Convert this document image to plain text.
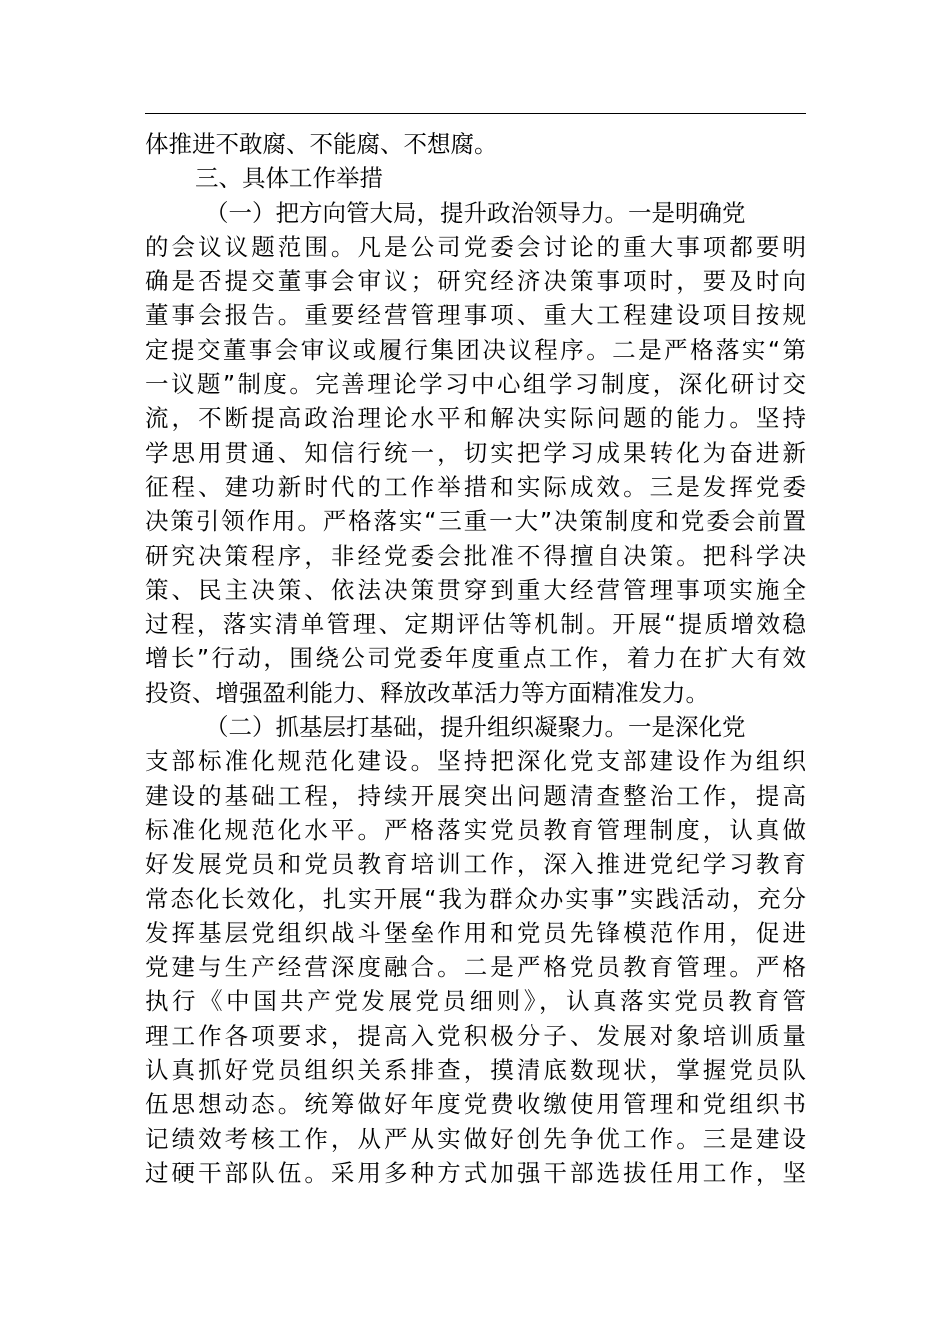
体推进不敢腐、不能腐、不想腐。
三、具体工作举措
（一）把方向管大局，提升政治领导力。一是明确党
的会议议题范围。凡是公司党委会讨论的重大事项都要明
确是否提交董事会审议；研究经济决策事项时，要及时向
董事会报告。重要经营管理事项、重大工程建设项目按规
定提交董事会审议或履行集团决议程序。二是严格落实“第
一议题”制度。完善理论学习中心组学习制度，深化研讨交
流，不断提高政治理论水平和解决实际问题的能力。坚持
学思用贯通、知信行统一，切实把学习成果转化为奋进新
征程、建功新时代的工作举措和实际成效。三是发挥党委
决策引领作用。严格落实“三重一大”决策制度和党委会前置
研究决策程序，非经党委会批准不得擅自决策。把科学决
策、民主决策、依法决策贯穿到重大经营管理事项实施全
过程，落实清单管理、定期评估等机制。开展“提质增效稳
增长”行动，围绕公司党委年度重点工作，着力在扩大有效
投资、增强盈利能力、释放改革活力等方面精准发力。
（二）抓基层打基础，提升组织凝聚力。一是深化党
支部标准化规范化建设。坚持把深化党支部建设作为组织
建设的基础工程，持续开展突出问题清查整治工作，提高
标准化规范化水平。严格落实党员教育管理制度，认真做
好发展党员和党员教育培训工作，深入推进党纪学习教育
常态化长效化，扎实开展“我为群众办实事”实践活动，充分
发挥基层党组织战斗堡垒作用和党员先锋模范作用，促进
党建与生产经营深度融合。二是严格党员教育管理。严格
执行《中国共产党发展党员细则》，认真落实党员教育管
理工作各项要求，提高入党积极分子、发展对象培训质量
认真抓好党员组织关系排查，摸清底数现状，掌握党员队
伍思想动态。统筹做好年度党费收缴使用管理和党组织书
记绩效考核工作，从严从实做好创先争优工作。三是建设
过硬干部队伍。采用多种方式加强干部选拔任用工作，坚
